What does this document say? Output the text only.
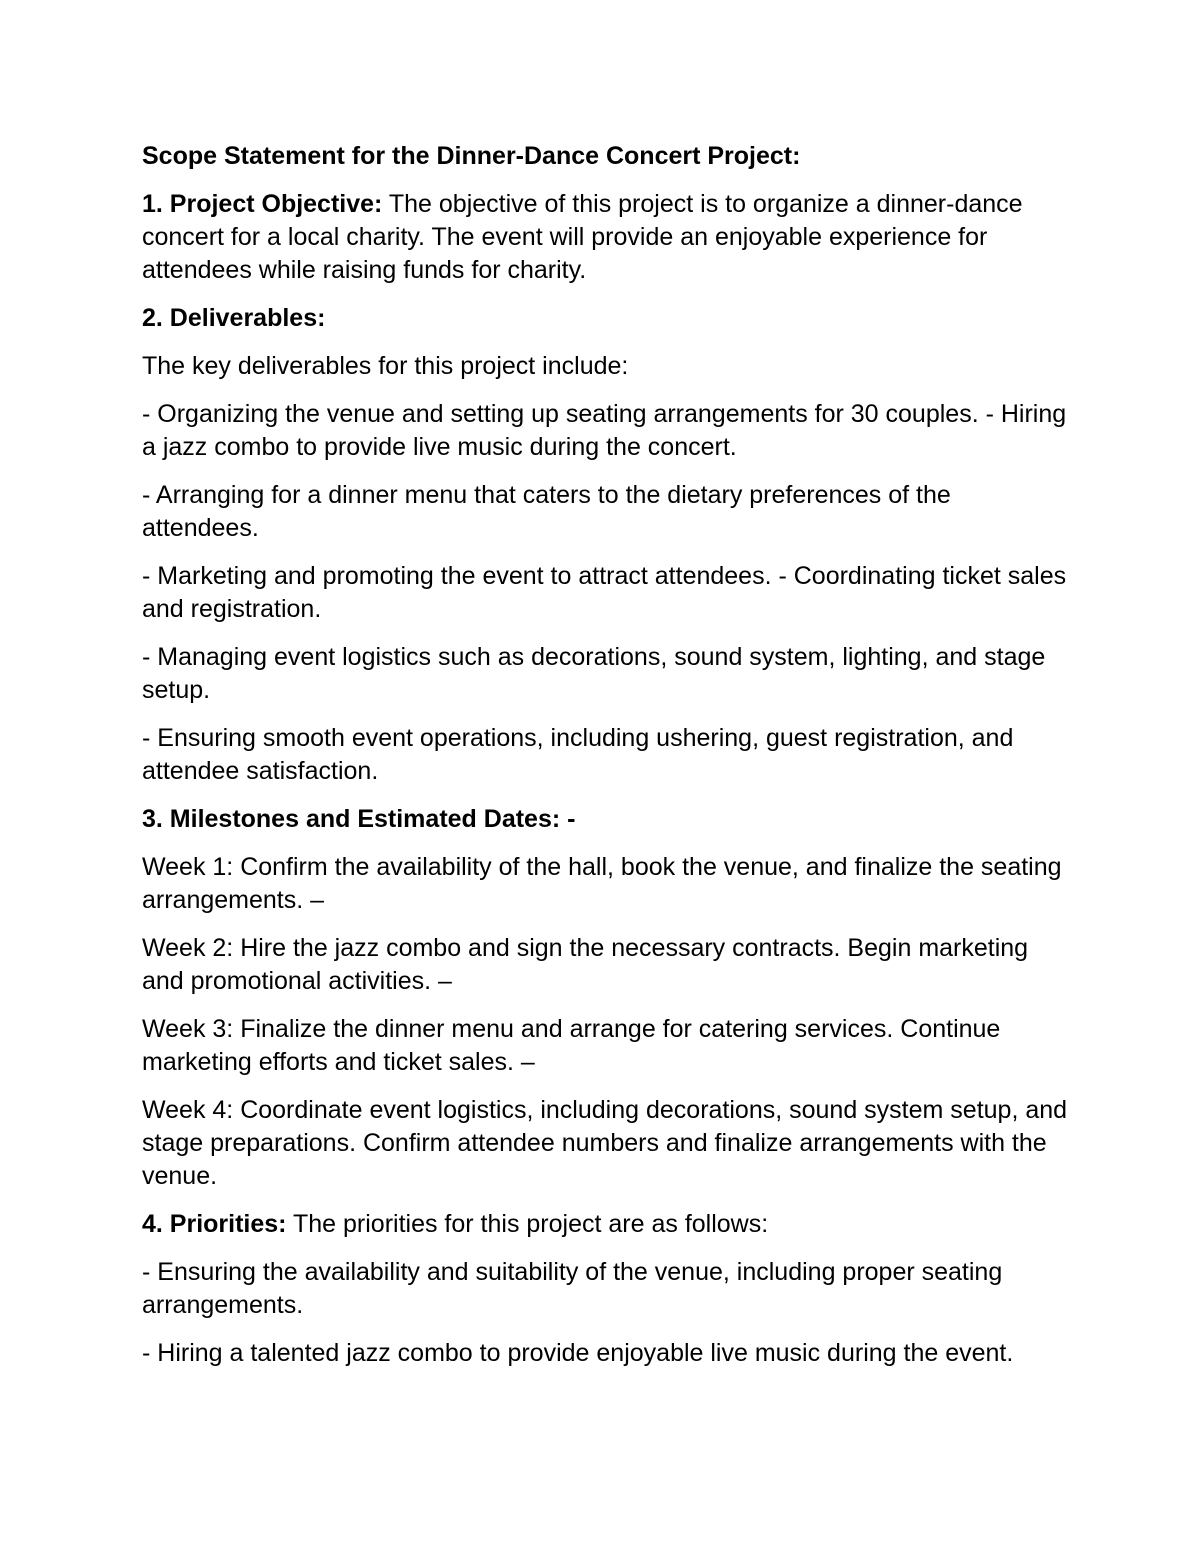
Scope Statement for the Dinner-Dance Concert Project:

1. Project Objective: The objective of this project is to organize a dinner-dance concert for a local charity. The event will provide an enjoyable experience for attendees while raising funds for charity.

2. Deliverables:

The key deliverables for this project include:

- Organizing the venue and setting up seating arrangements for 30 couples. - Hiring a jazz combo to provide live music during the concert.

- Arranging for a dinner menu that caters to the dietary preferences of the attendees.

- Marketing and promoting the event to attract attendees. - Coordinating ticket sales and registration.

- Managing event logistics such as decorations, sound system, lighting, and stage setup.

- Ensuring smooth event operations, including ushering, guest registration, and attendee satisfaction.

3. Milestones and Estimated Dates: -

Week 1: Confirm the availability of the hall, book the venue, and finalize the seating arrangements. –

Week 2: Hire the jazz combo and sign the necessary contracts. Begin marketing and promotional activities. –

Week 3: Finalize the dinner menu and arrange for catering services. Continue marketing efforts and ticket sales. –

Week 4: Coordinate event logistics, including decorations, sound system setup, and stage preparations. Confirm attendee numbers and finalize arrangements with the venue.

4. Priorities: The priorities for this project are as follows:

- Ensuring the availability and suitability of the venue, including proper seating arrangements.

- Hiring a talented jazz combo to provide enjoyable live music during the event.
